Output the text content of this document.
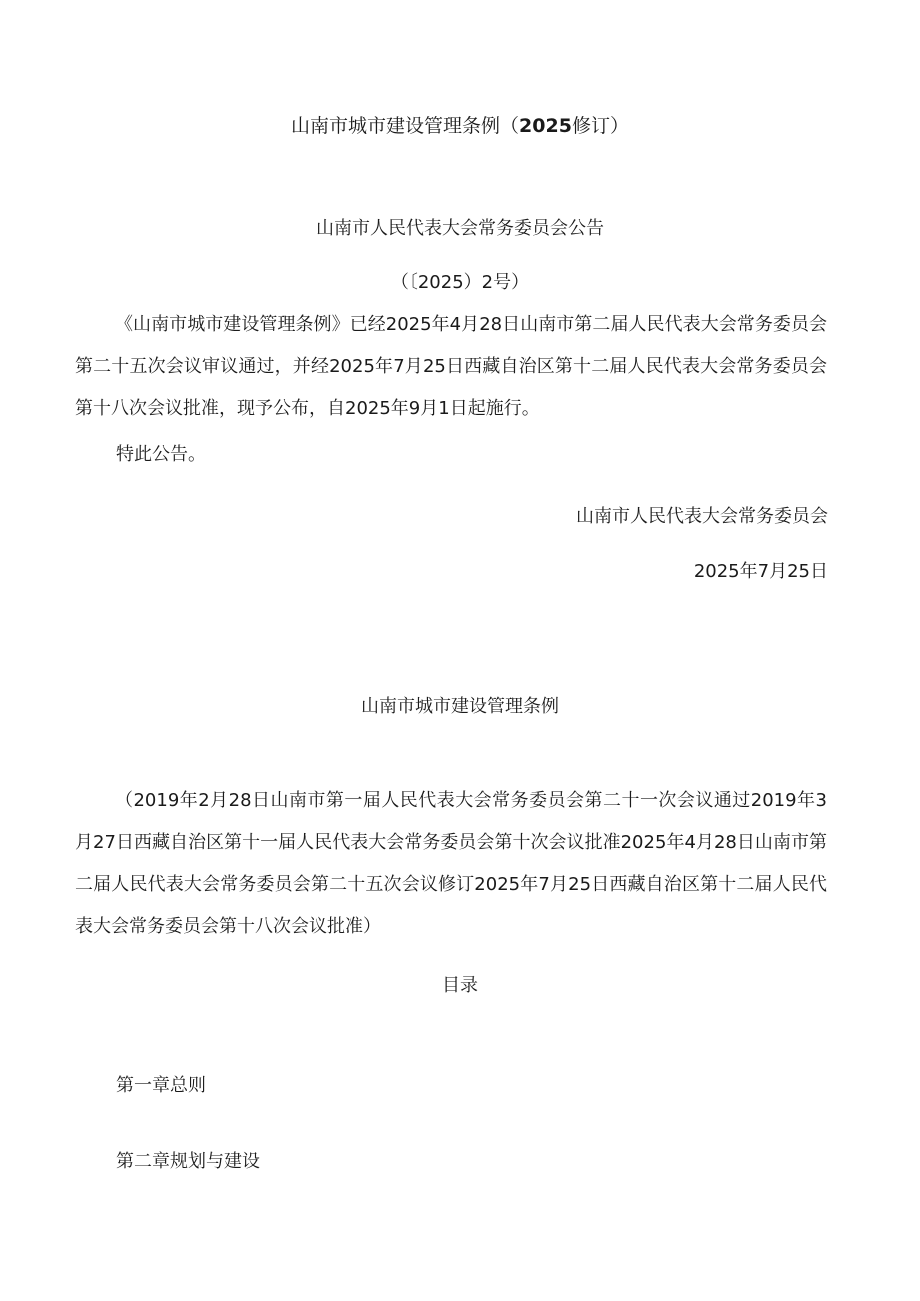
山南市城市建设管理条例（2025修订）

山南市人民代表大会常务委员会公告

（〔2025）2号）

《山南市城市建设管理条例》已经2025年4月28日山南市第二届人民代表大会常务委员会第二十五次会议审议通过，并经2025年7月25日西藏自治区第十二届人民代表大会常务委员会第十八次会议批准，现予公布，自2025年9月1日起施行。

特此公告。

山南市人民代表大会常务委员会

2025年7月25日

山南市城市建设管理条例

（2019年2月28日山南市第一届人民代表大会常务委员会第二十一次会议通过2019年3月27日西藏自治区第十一届人民代表大会常务委员会第十次会议批准2025年4月28日山南市第二届人民代表大会常务委员会第二十五次会议修订2025年7月25日西藏自治区第十二届人民代表大会常务委员会第十八次会议批准）

目录

第一章总则

第二章规划与建设
